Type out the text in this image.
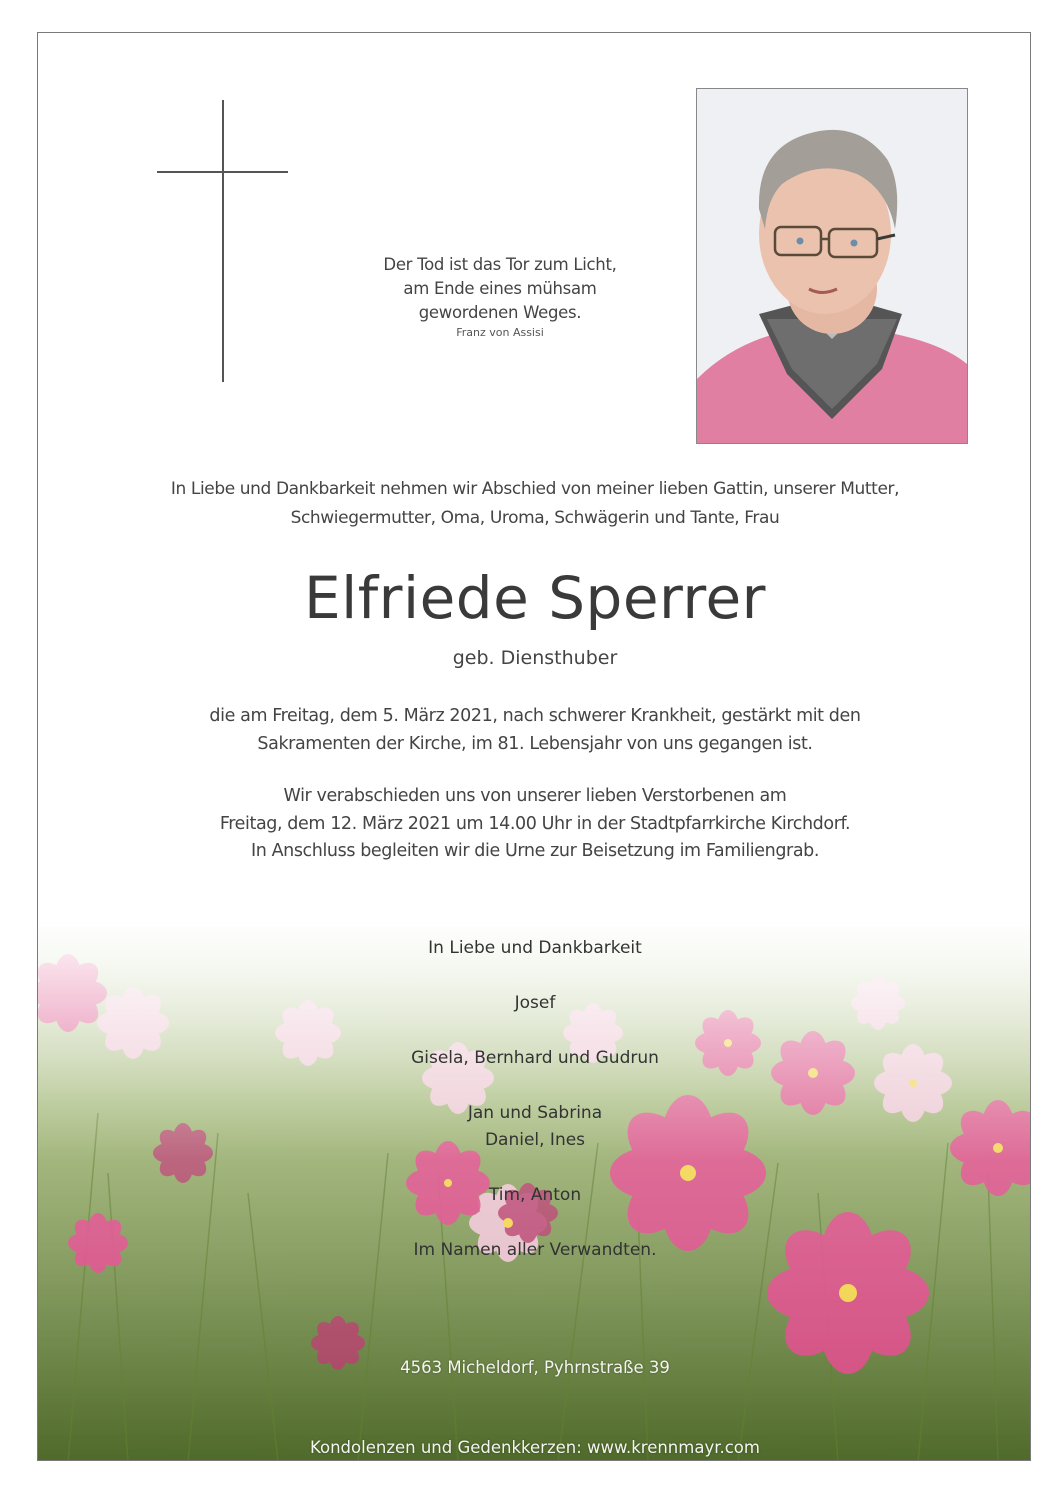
Der Tod ist das Tor zum Licht,
am Ende eines mühsam
gewordenen Weges.
Franz von Assisi
In Liebe und Dankbarkeit nehmen wir Abschied von meiner lieben Gattin, unserer Mutter,
Schwiegermutter, Oma, Uroma, Schwägerin und Tante, Frau
Elfriede Sperrer
geb. Diensthuber
die am Freitag, dem 5. März 2021, nach schwerer Krankheit, gestärkt mit den
Sakramenten der Kirche, im 81. Lebensjahr von uns gegangen ist.
Wir verabschieden uns von unserer lieben Verstorbenen am
Freitag, dem 12. März 2021 um 14.00 Uhr in der Stadtpfarrkirche Kirchdorf.
In Anschluss begleiten wir die Urne zur Beisetzung im Familiengrab.
In Liebe und Dankbarkeit
Josef
Gisela, Bernhard und Gudrun
Jan und Sabrina
Daniel, Ines
Tim, Anton
Im Namen aller Verwandten.
4563 Micheldorf, Pyhrnstraße 39
Kondolenzen und Gedenkkerzen: www.krennmayr.com
